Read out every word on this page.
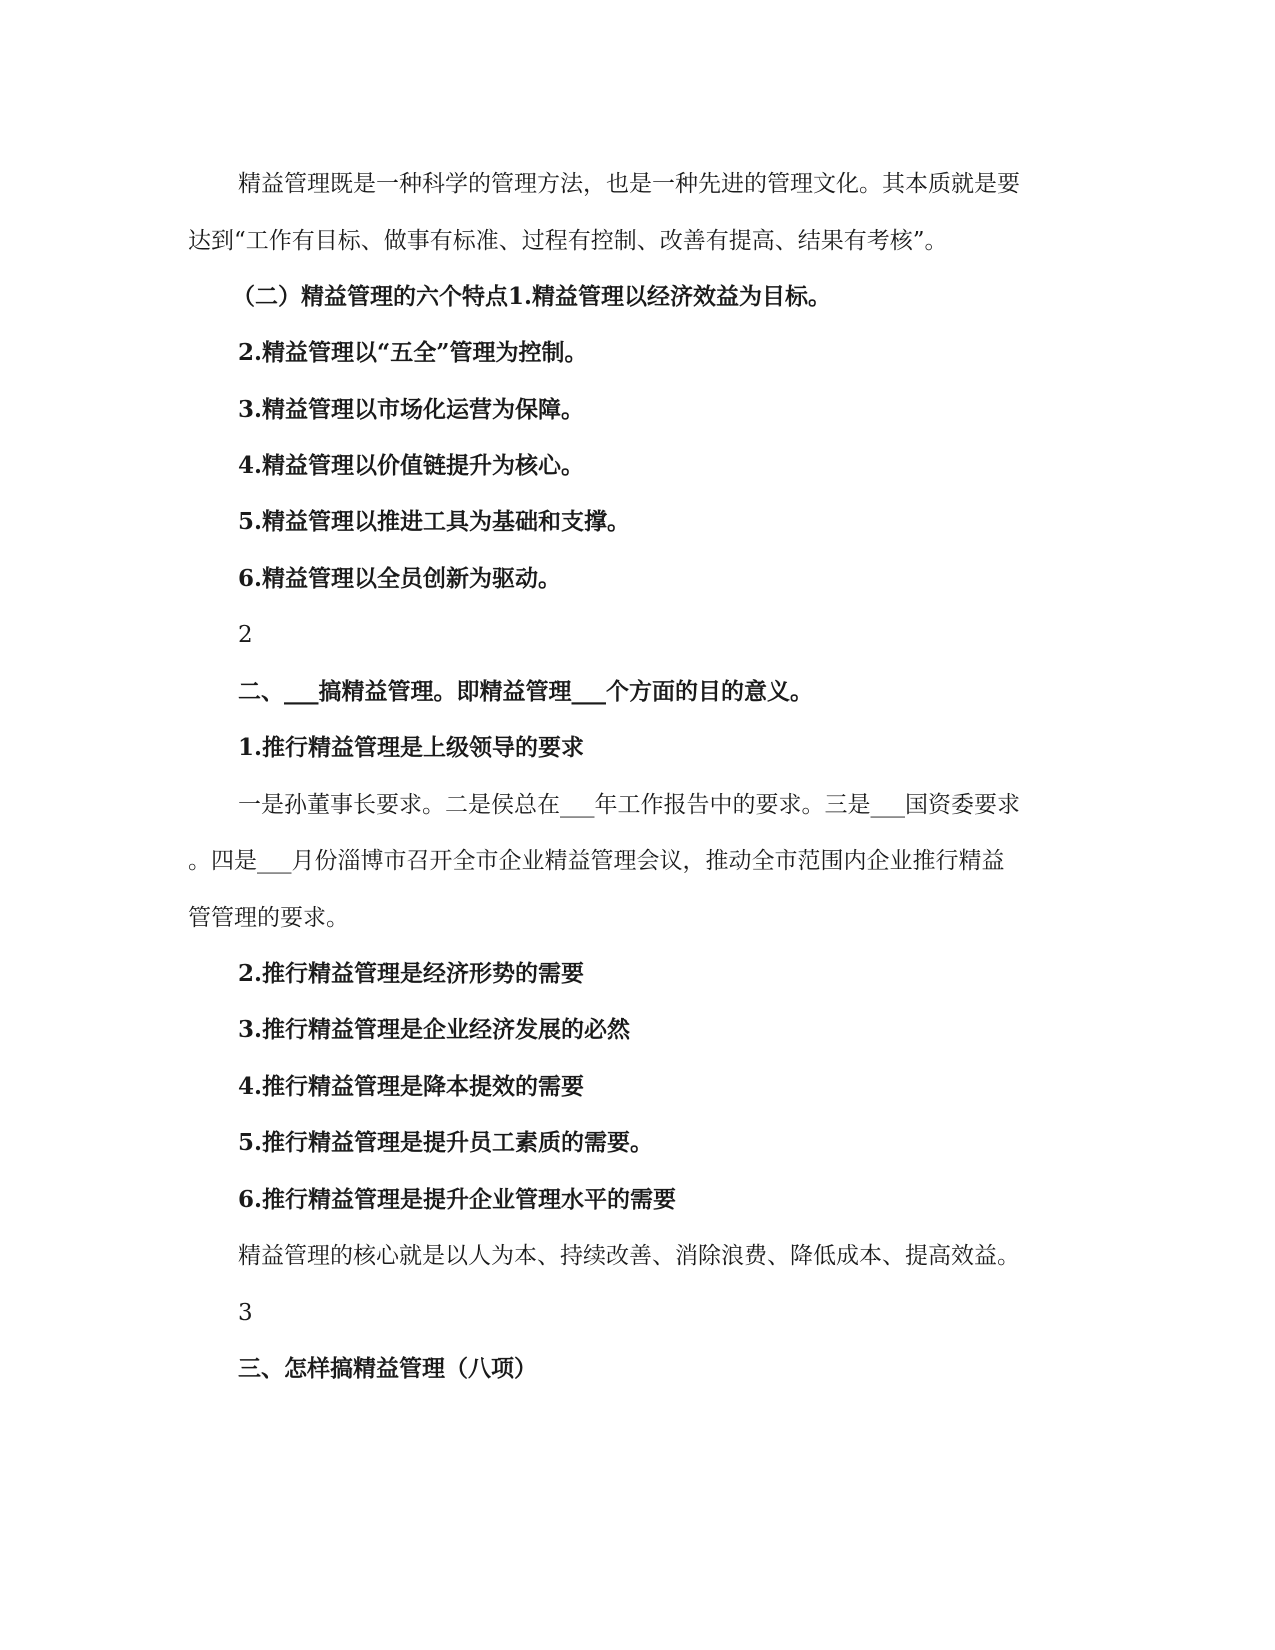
精益管理既是一种科学的管理方法，也是一种先进的管理文化。其本质就是要
达到“工作有目标、做事有标准、过程有控制、改善有提高、结果有考核”。
（二）精益管理的六个特点1.精益管理以经济效益为目标。
2.精益管理以“五全”管理为控制。
3.精益管理以市场化运营为保障。
4.精益管理以价值链提升为核心。
5.精益管理以推进工具为基础和支撑。
6.精益管理以全员创新为驱动。
2
二、___搞精益管理。即精益管理___个方面的目的意义。
1.推行精益管理是上级领导的要求
一是孙董事长要求。二是侯总在___年工作报告中的要求。三是___国资委要求
。四是___月份淄博市召开全市企业精益管理会议，推动全市范围内企业推行精益
管管理的要求。
2.推行精益管理是经济形势的需要
3.推行精益管理是企业经济发展的必然
4.推行精益管理是降本提效的需要
5.推行精益管理是提升员工素质的需要。
6.推行精益管理是提升企业管理水平的需要
精益管理的核心就是以人为本、持续改善、消除浪费、降低成本、提高效益。
3
三、怎样搞精益管理（八项）
